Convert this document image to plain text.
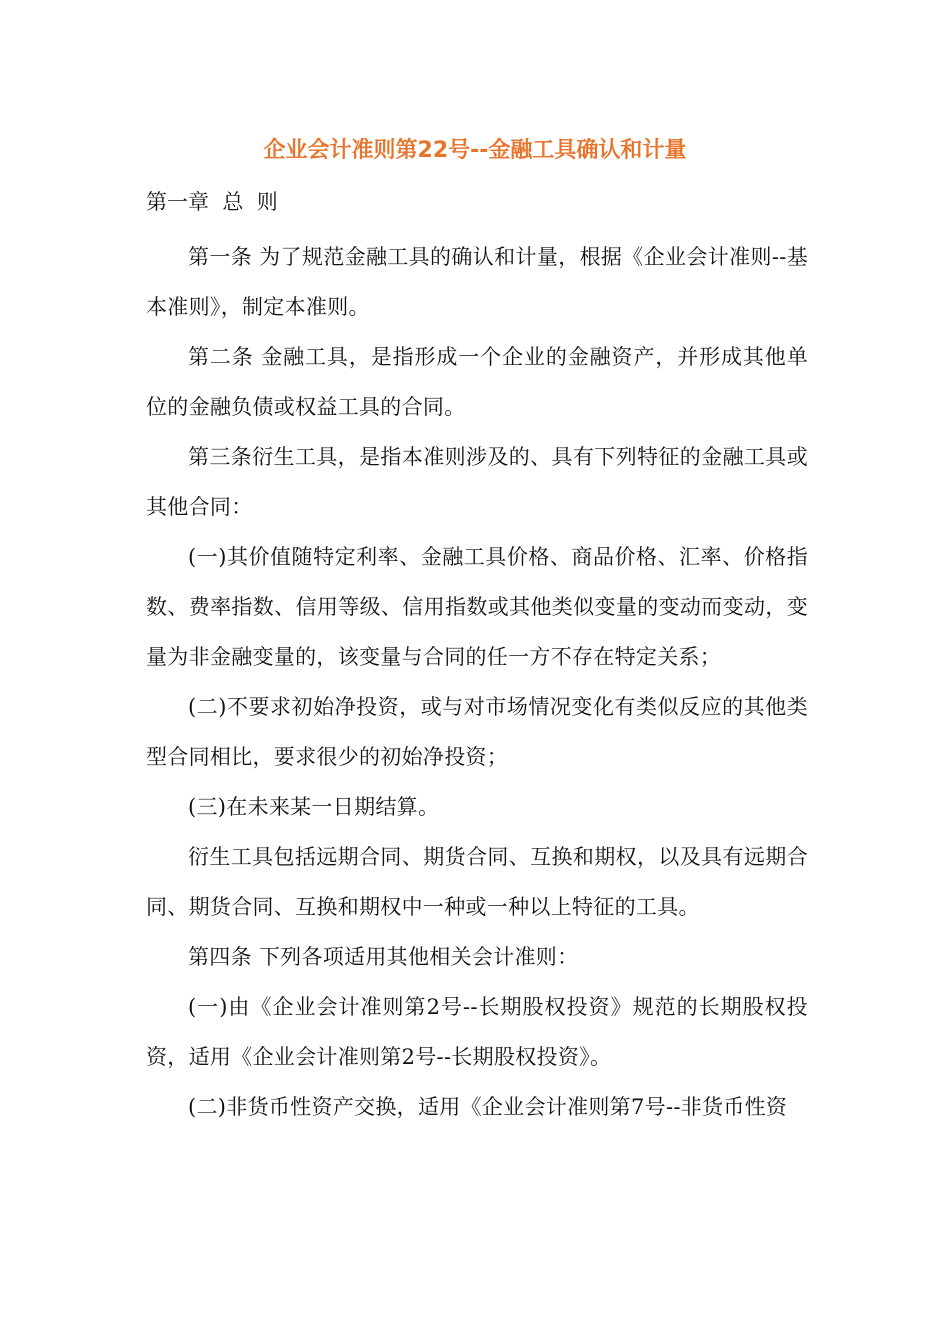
企业会计准则第22号--金融工具确认和计量

第一章  总  则

第一条 为了规范金融工具的确认和计量，根据《企业会计准则--基本准则》，制定本准则。

第二条 金融工具，是指形成一个企业的金融资产，并形成其他单位的金融负债或权益工具的合同。

第三条衍生工具，是指本准则涉及的、具有下列特征的金融工具或其他合同：

(一)其价值随特定利率、金融工具价格、商品价格、汇率、价格指数、费率指数、信用等级、信用指数或其他类似变量的变动而变动，变量为非金融变量的，该变量与合同的任一方不存在特定关系；

(二)不要求初始净投资，或与对市场情况变化有类似反应的其他类型合同相比，要求很少的初始净投资；

(三)在未来某一日期结算。

衍生工具包括远期合同、期货合同、互换和期权，以及具有远期合同、期货合同、互换和期权中一种或一种以上特征的工具。

第四条 下列各项适用其他相关会计准则：

(一)由《企业会计准则第2号--长期股权投资》规范的长期股权投资，适用《企业会计准则第2号--长期股权投资》。

(二)非货币性资产交换，适用《企业会计准则第7号--非货币性资
